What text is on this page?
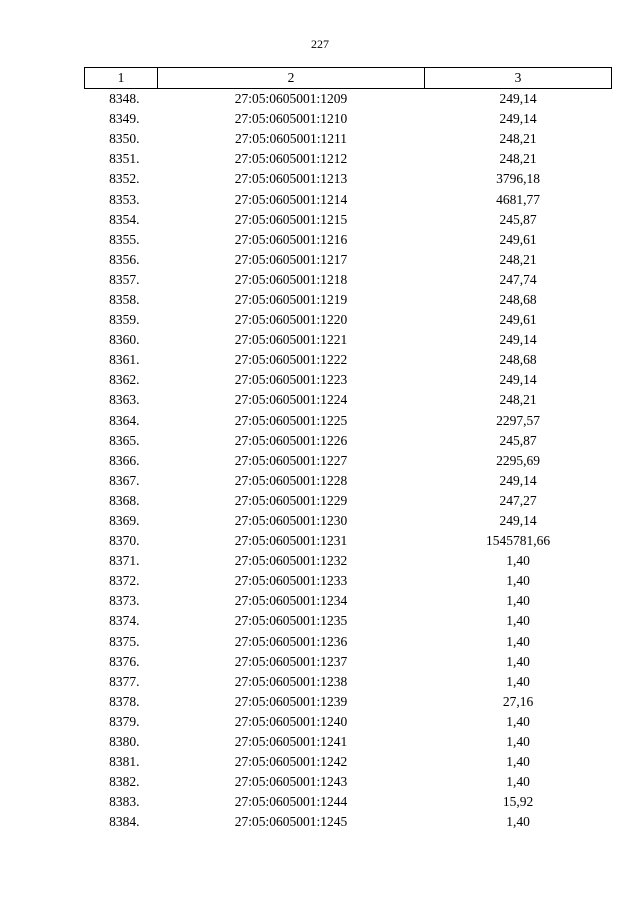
227
1	2	3
8348.	27:05:0605001:1209	249,14
8349.	27:05:0605001:1210	249,14
8350.	27:05:0605001:1211	248,21
8351.	27:05:0605001:1212	248,21
8352.	27:05:0605001:1213	3796,18
8353.	27:05:0605001:1214	4681,77
8354.	27:05:0605001:1215	245,87
8355.	27:05:0605001:1216	249,61
8356.	27:05:0605001:1217	248,21
8357.	27:05:0605001:1218	247,74
8358.	27:05:0605001:1219	248,68
8359.	27:05:0605001:1220	249,61
8360.	27:05:0605001:1221	249,14
8361.	27:05:0605001:1222	248,68
8362.	27:05:0605001:1223	249,14
8363.	27:05:0605001:1224	248,21
8364.	27:05:0605001:1225	2297,57
8365.	27:05:0605001:1226	245,87
8366.	27:05:0605001:1227	2295,69
8367.	27:05:0605001:1228	249,14
8368.	27:05:0605001:1229	247,27
8369.	27:05:0605001:1230	249,14
8370.	27:05:0605001:1231	1545781,66
8371.	27:05:0605001:1232	1,40
8372.	27:05:0605001:1233	1,40
8373.	27:05:0605001:1234	1,40
8374.	27:05:0605001:1235	1,40
8375.	27:05:0605001:1236	1,40
8376.	27:05:0605001:1237	1,40
8377.	27:05:0605001:1238	1,40
8378.	27:05:0605001:1239	27,16
8379.	27:05:0605001:1240	1,40
8380.	27:05:0605001:1241	1,40
8381.	27:05:0605001:1242	1,40
8382.	27:05:0605001:1243	1,40
8383.	27:05:0605001:1244	15,92
8384.	27:05:0605001:1245	1,40
